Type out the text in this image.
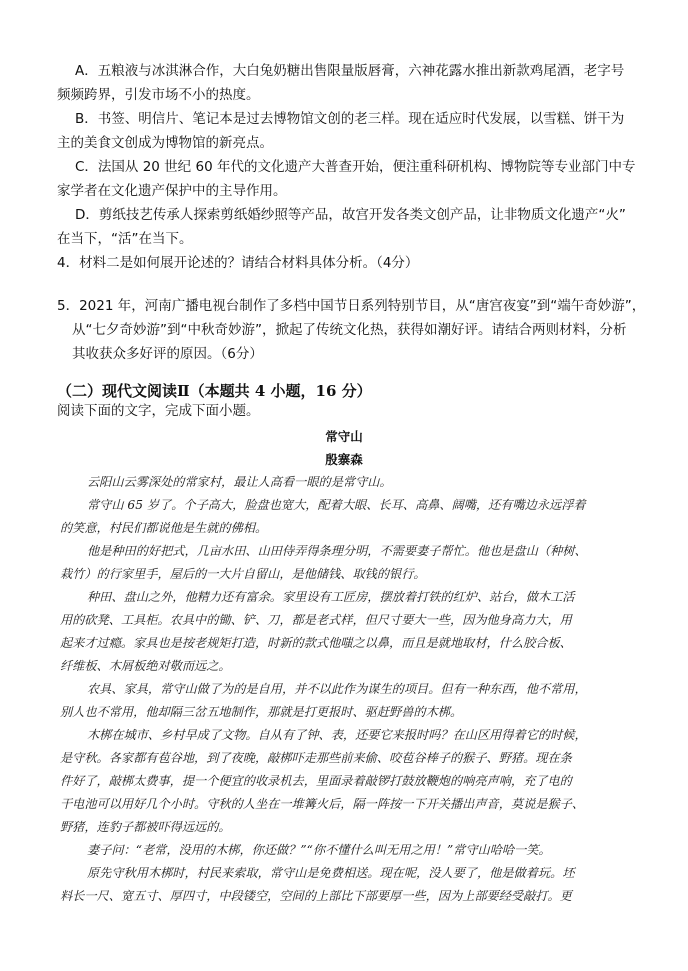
A．五粮液与冰淇淋合作，大白兔奶糖出售限量版唇膏，六神花露水推出新款鸡尾酒，老字号
频频跨界，引发市场不小的热度。
B．书签、明信片、笔记本是过去博物馆文创的老三样。现在适应时代发展，以雪糕、饼干为
主的美食文创成为博物馆的新亮点。
C．法国从 20 世纪 60 年代的文化遗产大普查开始，便注重科研机构、博物院等专业部门中专
家学者在文化遗产保护中的主导作用。
D．剪纸技艺传承人探索剪纸婚纱照等产品，故宫开发各类文创产品，让非物质文化遗产“火”
在当下，“活”在当下。
4．材料二是如何展开论述的？请结合材料具体分析。（4分）
5．2021 年，河南广播电视台制作了多档中国节日系列特别节目，从“唐宫夜宴”到“端午奇妙游”，
从“七夕奇妙游”到“中秋奇妙游”，掀起了传统文化热，获得如潮好评。请结合两则材料，分析
其收获众多好评的原因。（6分）
（二）现代文阅读Ⅱ（本题共 4 小题，16 分）
阅读下面的文字，完成下面小题。
常守山
殷寨森
云阳山云雾深处的常家村，最让人高看一眼的是常守山。
常守山 65 岁了。个子高大，脸盘也宽大，配着大眼、长耳、高鼻、阔嘴，还有嘴边永远浮着
的笑意，村民们都说他是生就的佛相。
他是种田的好把式，几亩水田、山田侍弄得条理分明，不需要妻子帮忙。他也是盘山（种树、
栽竹）的行家里手，屋后的一大片自留山，是他储钱、取钱的银行。
种田、盘山之外，他精力还有富余。家里设有工匠房，摆放着打铁的红炉、站台，做木工活
用的砍凳、工具柜。农具中的锄、铲、刀，都是老式样，但尺寸要大一些，因为他身高力大，用
起来才过瘾。家具也是按老规矩打造，时新的款式他嗤之以鼻，而且是就地取材，什么胶合板、
纤维板、木屑板绝对敬而远之。
农具、家具，常守山做了为的是自用，并不以此作为谋生的项目。但有一种东西，他不常用，
别人也不常用，他却隔三岔五地制作，那就是打更报时、驱赶野兽的木梆。
木梆在城市、乡村早成了文物。自从有了钟、表，还要它来报时吗？在山区用得着它的时候，
是守秋。各家都有苞谷地，到了夜晚，敲梆吓走那些前来偷、咬苞谷棒子的猴子、野猪。现在条
件好了，敲梆太费事，提一个便宜的收录机去，里面录着敲锣打鼓放鞭炮的响亮声响，充了电的
干电池可以用好几个小时。守秋的人坐在一堆篝火后，隔一阵按一下开关播出声音，莫说是猴子、
野猪，连豹子都被吓得远远的。
妻子问：“老常，没用的木梆，你还做？”“你不懂什么叫无用之用！”常守山哈哈一笑。
原先守秋用木梆时，村民来索取，常守山是免费相送。现在呢，没人要了，他是做着玩。坯
料长一尺、宽五寸、厚四寸，中段镂空，空间的上部比下部要厚一些，因为上部要经受敲打。更
